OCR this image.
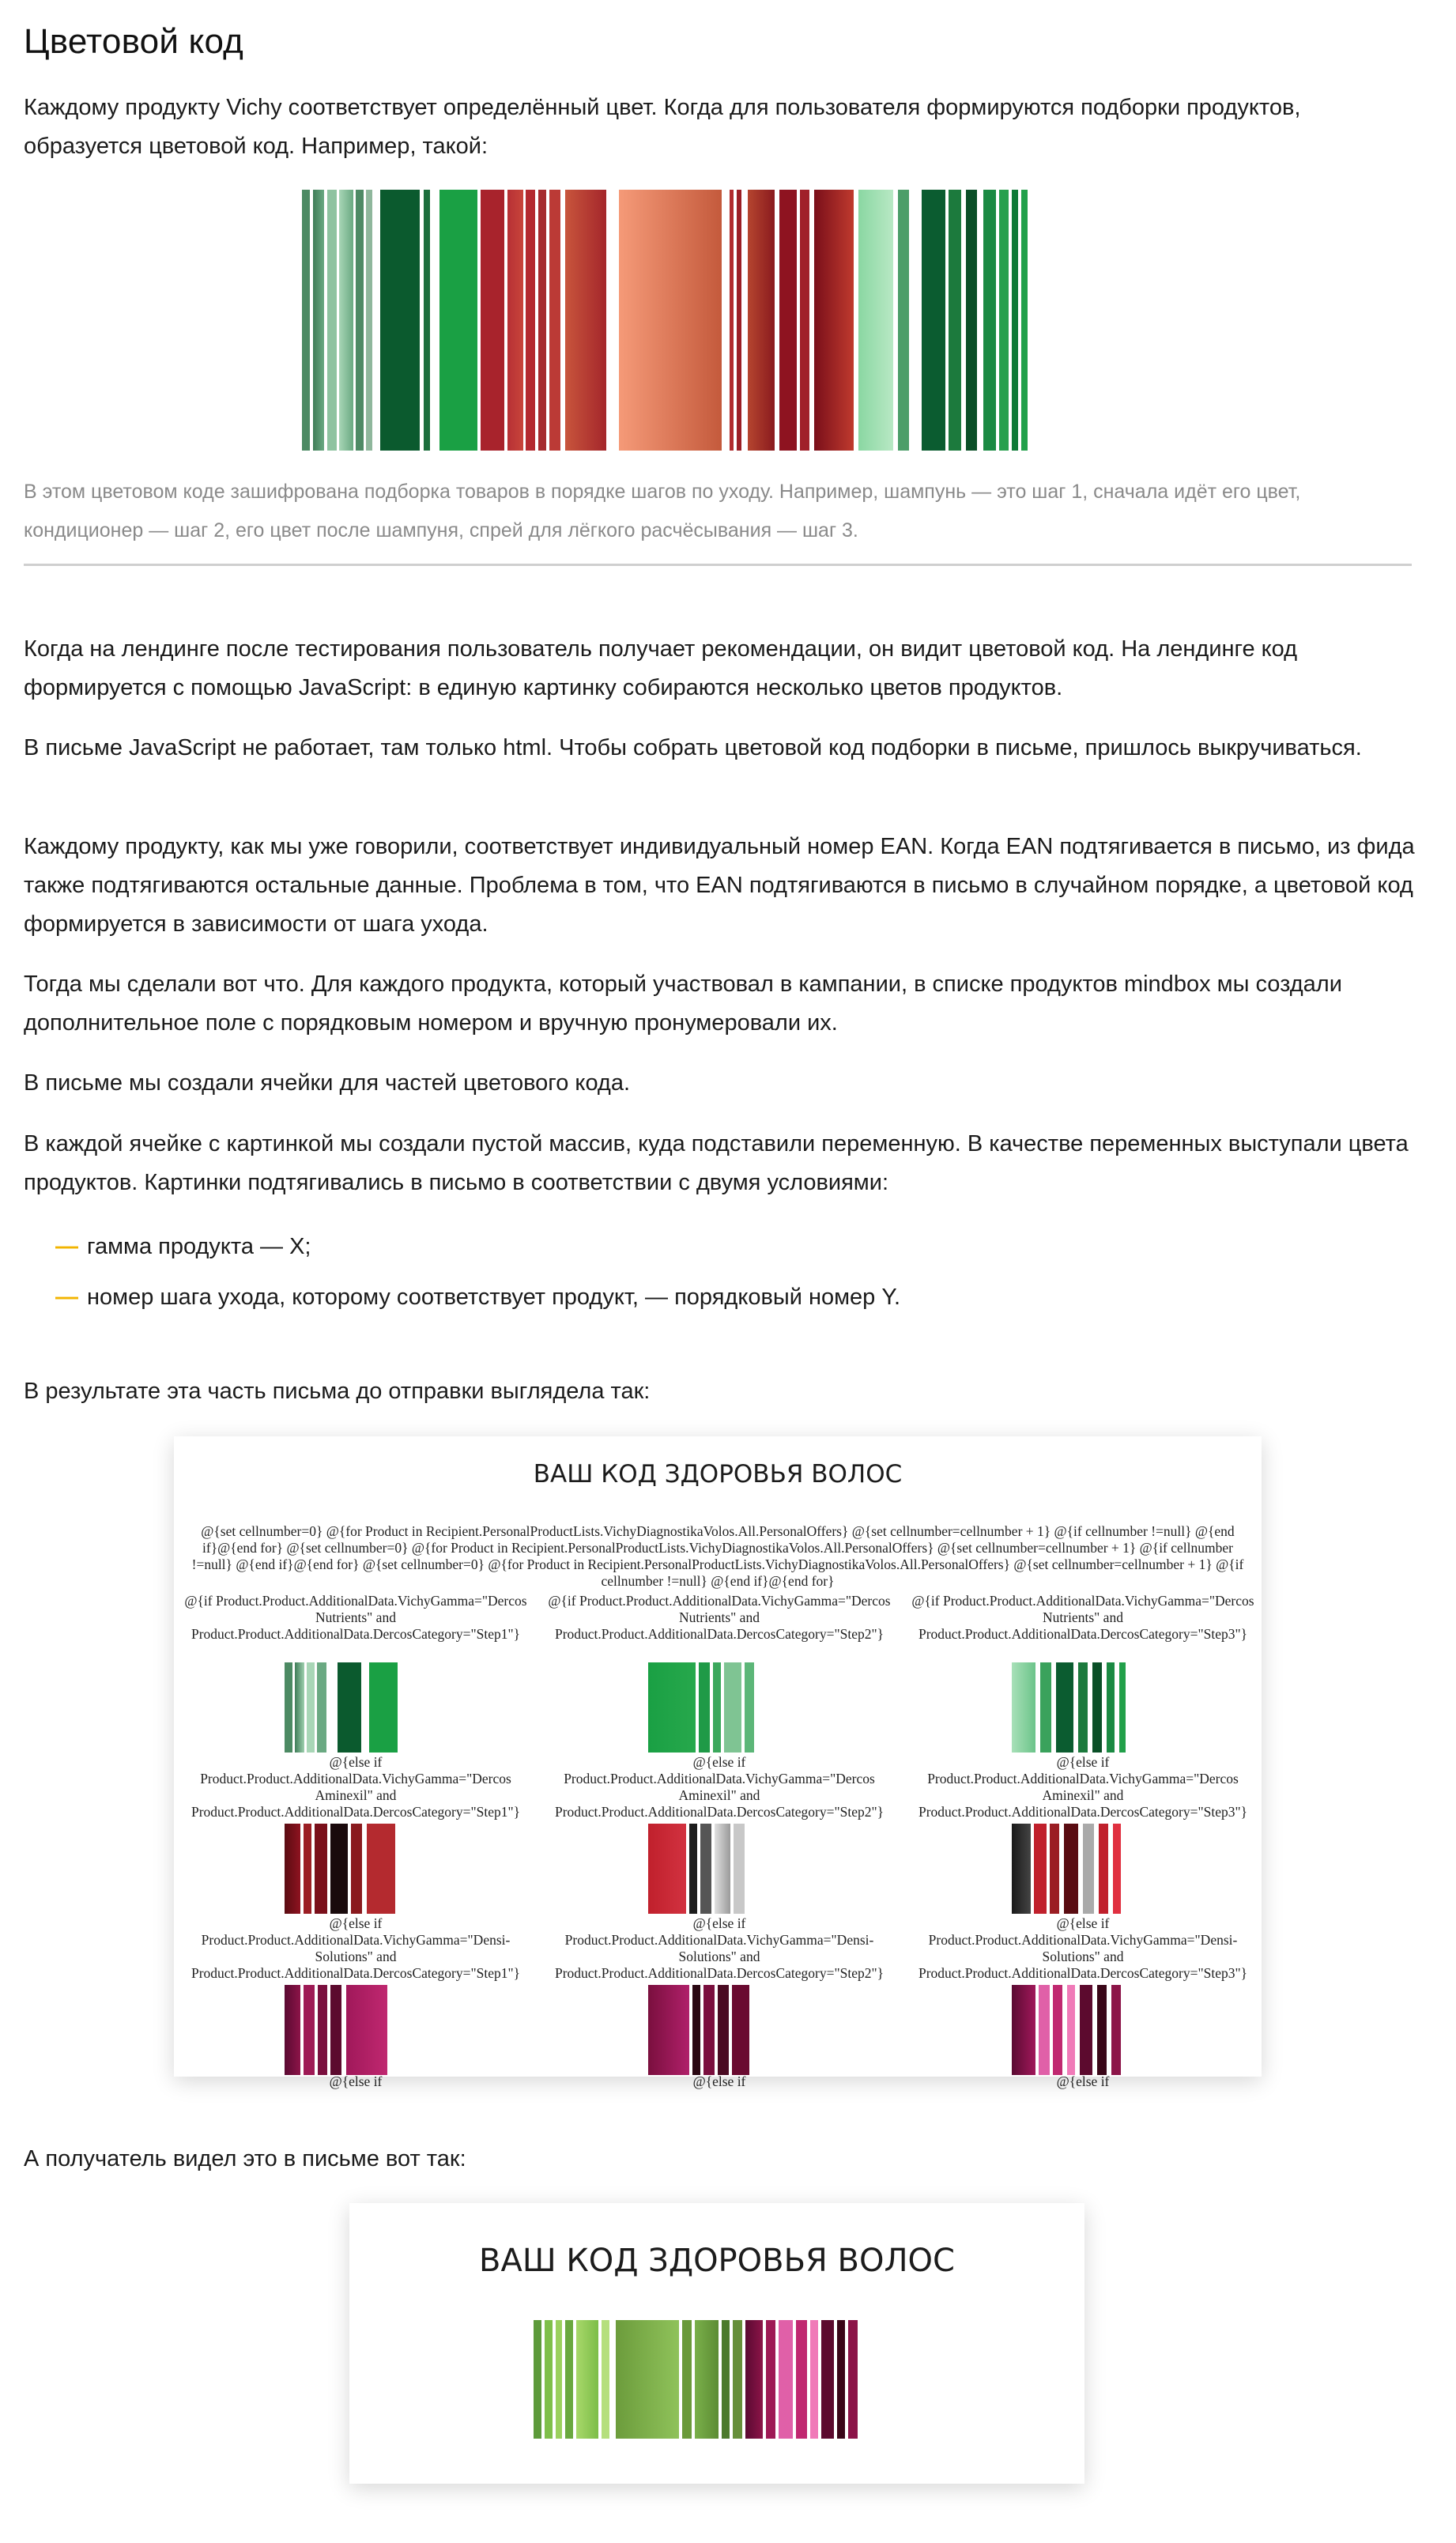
Цветовой код

Каждому продукту Vichy соответствует определённый цвет. Когда для пользователя формируются подборки продуктов, образуется цветовой код. Например, такой:

В этом цветовом коде зашифрована подборка товаров в порядке шагов по уходу. Например, шампунь — это шаг 1, сначала идёт его цвет, кондиционер — шаг 2, его цвет после шампуня, спрей для лёгкого расчёсывания — шаг 3.

Когда на лендинге после тестирования пользователь получает рекомендации, он видит цветовой код. На лендинге код формируется с помощью JavaScript: в единую картинку собираются несколько цветов продуктов.

В письме JavaScript не работает, там только html. Чтобы собрать цветовой код подборки в письме, пришлось выкручиваться.

Каждому продукту, как мы уже говорили, соответствует индивидуальный номер EAN. Когда EAN подтягивается в письмо, из фида также подтягиваются остальные данные. Проблема в том, что EAN подтягиваются в письмо в случайном порядке, а цветовой код формируется в зависимости от шага ухода.

Тогда мы сделали вот что. Для каждого продукта, который участвовал в кампании, в списке продуктов mindbox мы создали дополнительное поле с порядковым номером и вручную пронумеровали их.

В письме мы создали ячейки для частей цветового кода.

В каждой ячейке с картинкой мы создали пустой массив, куда подставили переменную. В качестве переменных выступали цвета продуктов. Картинки подтягивались в письмо в соответствии с двумя условиями:

— гамма продукта — X;
— номер шага ухода, которому соответствует продукт, — порядковый номер Y.

В результате эта часть письма до отправки выглядела так:

А получатель видел это в письме вот так:

ВАШ КОД ЗДОРОВЬЯ ВОЛОС
@{set cellnumber=0} @{for Product in Recipient.PersonalProductLists.VichyDiagnostikaVolos.All.PersonalOffers} @{set cellnumber=cellnumber + 1} @{if cellnumber !=null} @{end if}@{end for} @{set cellnumber=0} @{for Product in Recipient.PersonalProductLists.VichyDiagnostikaVolos.All.PersonalOffers} @{set cellnumber=cellnumber + 1} @{if cellnumber !=null} @{end if}@{end for} @{set cellnumber=0} @{for Product in Recipient.PersonalProductLists.VichyDiagnostikaVolos.All.PersonalOffers} @{set cellnumber=cellnumber + 1} @{if cellnumber !=null} @{end if}@{end for}
@{if Product.Product.AdditionalData.VichyGamma="Dercos Nutrients" and Product.Product.AdditionalData.DercosCategory="Step1"}
@{if Product.Product.AdditionalData.VichyGamma="Dercos Nutrients" and Product.Product.AdditionalData.DercosCategory="Step2"}
@{if Product.Product.AdditionalData.VichyGamma="Dercos Nutrients" and Product.Product.AdditionalData.DercosCategory="Step3"}
@{else if Product.Product.AdditionalData.VichyGamma="Dercos Aminexil" and Product.Product.AdditionalData.DercosCategory="Step1"}
@{else if Product.Product.AdditionalData.VichyGamma="Dercos Aminexil" and Product.Product.AdditionalData.DercosCategory="Step2"}
@{else if Product.Product.AdditionalData.VichyGamma="Dercos Aminexil" and Product.Product.AdditionalData.DercosCategory="Step3"}
@{else if Product.Product.AdditionalData.VichyGamma="Densi-Solutions" and Product.Product.AdditionalData.DercosCategory="Step1"}
@{else if Product.Product.AdditionalData.VichyGamma="Densi-Solutions" and Product.Product.AdditionalData.DercosCategory="Step2"}
@{else if Product.Product.AdditionalData.VichyGamma="Densi-Solutions" and Product.Product.AdditionalData.DercosCategory="Step3"}
@{else if	@{else if	@{else if
ВАШ КОД ЗДОРОВЬЯ ВОЛОС
